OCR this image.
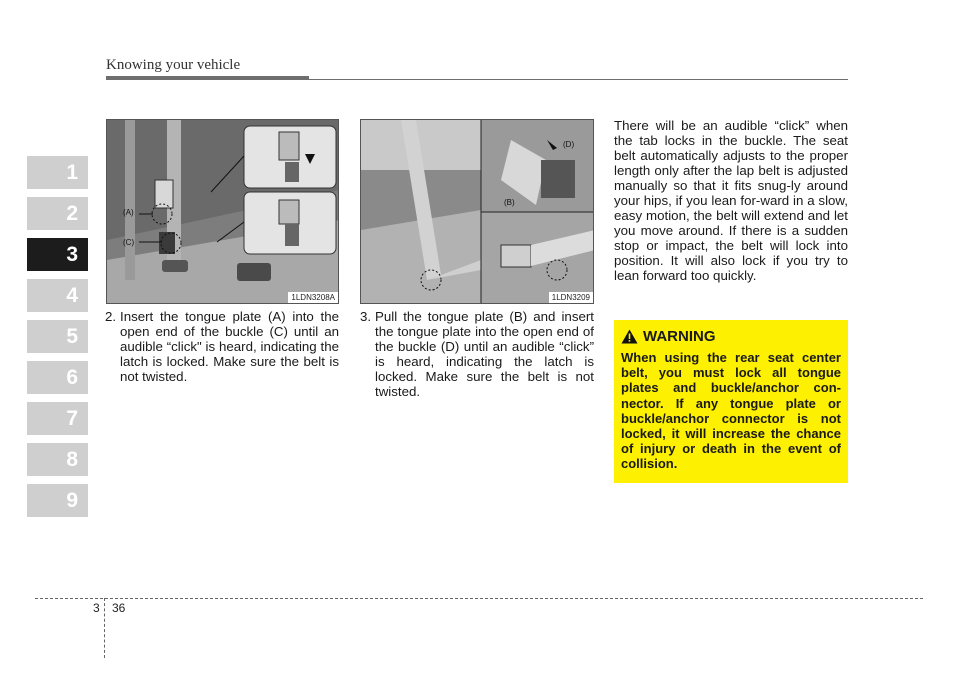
Knowing your vehicle
1
2
3
4
5
6
7
8
9
(A)
(C)
1LDN3208A
(D)
(B)
1LDN3209
2. Insert the tongue plate (A) into the open end of the buckle (C) until an audible “click" is heard, indicating the latch is locked. Make sure the belt is not twisted.
3. Pull the tongue plate (B) and insert the tongue plate into the open end of the buckle (D) until an audible “click” is heard, indicating the latch is locked. Make sure the belt is not twisted.
There will be an audible “click” when the tab locks in the buckle. The seat belt automatically adjusts to the proper length only after the lap belt is adjusted manually so that it fits snug-ly around your hips, if you lean for-ward in a slow, easy motion, the belt will extend and let you move around. If there is a sudden stop or impact, the belt will lock into position. It will also lock if you try to lean forward too quickly.
WARNING
When using the rear seat center belt, you must lock all tongue plates and buckle/anchor con-nector. If any tongue plate or buckle/anchor connector is not locked, it will increase the chance of injury or death in the event of collision.
3 36
